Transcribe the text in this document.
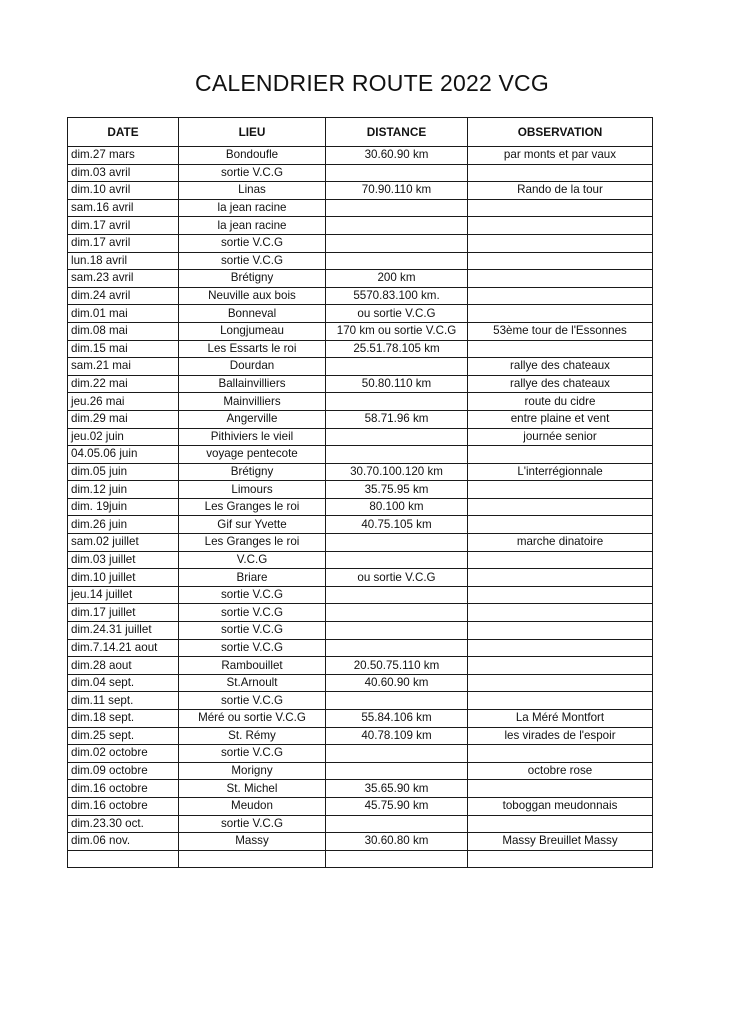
CALENDRIER ROUTE 2022 VCG
DATE	LIEU	DISTANCE	OBSERVATION
dim.27 mars	Bondoufle	30.60.90 km	par monts et par vaux
dim.03 avril	sortie V.C.G		
dim.10 avril	Linas	70.90.110 km	Rando de la tour
sam.16 avril	la jean racine		
dim.17 avril	la jean racine		
dim.17 avril	sortie V.C.G		
lun.18 avril	sortie V.C.G		
sam.23 avril	Brétigny	200 km	
dim.24 avril	Neuville aux bois	5570.83.100 km.	
dim.01 mai	Bonneval	ou sortie V.C.G	
dim.08 mai	Longjumeau	170 km ou sortie V.C.G	53ème tour de l'Essonnes
dim.15 mai	Les Essarts le roi	25.51.78.105 km	
sam.21 mai	Dourdan		rallye des chateaux
dim.22 mai	Ballainvilliers	50.80.110 km	rallye des chateaux
jeu.26 mai	Mainvilliers		route du cidre
dim.29 mai	Angerville	58.71.96 km	entre plaine et vent
jeu.02 juin	Pithiviers le vieil		journée senior
04.05.06 juin	voyage pentecote		
dim.05 juin	Brétigny	30.70.100.120 km	L'interrégionnale
dim.12 juin	Limours	35.75.95 km	
dim. 19juin	Les Granges le roi	80.100 km	
dim.26 juin	Gif sur Yvette	40.75.105 km	
sam.02 juillet	Les Granges le roi		marche dinatoire
dim.03 juillet	V.C.G		
dim.10 juillet	Briare	ou sortie V.C.G	
jeu.14 juillet	sortie V.C.G		
dim.17 juillet	sortie V.C.G		
dim.24.31 juillet	sortie V.C.G		
dim.7.14.21 aout	sortie V.C.G		
dim.28 aout	Rambouillet	20.50.75.110 km	
dim.04 sept.	St.Arnoult	40.60.90 km	
dim.11 sept.	sortie V.C.G		
dim.18 sept.	Méré ou sortie V.C.G	55.84.106 km	La Méré Montfort
dim.25 sept.	St. Rémy	40.78.109 km	les virades de l'espoir
dim.02 octobre	sortie V.C.G		
dim.09 octobre	Morigny		octobre rose
dim.16 octobre	St. Michel	35.65.90 km	
dim.16 octobre	Meudon	45.75.90 km	toboggan meudonnais
dim.23.30 oct.	sortie V.C.G		
dim.06 nov.	Massy	30.60.80 km	Massy Breuillet Massy
